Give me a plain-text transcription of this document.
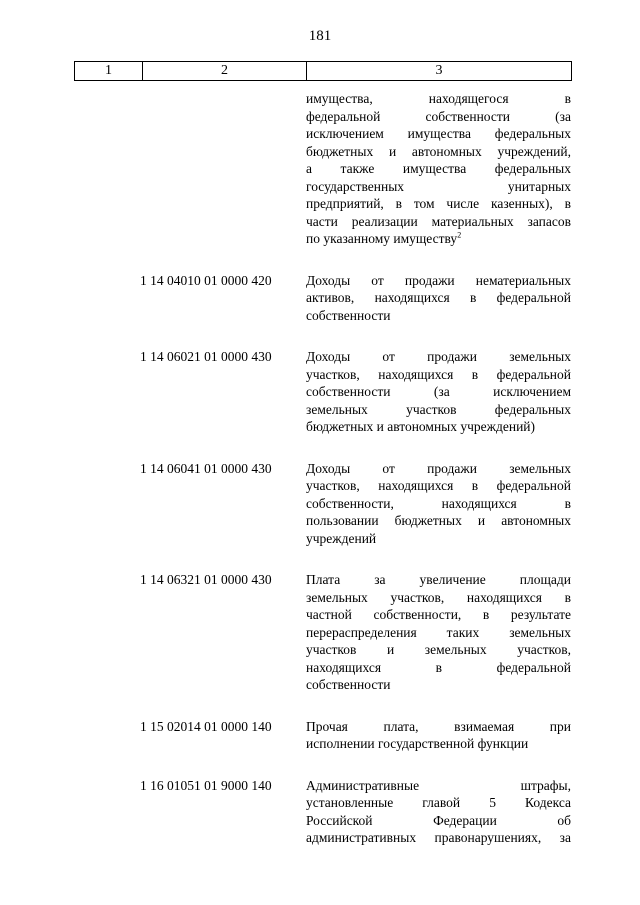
181
1	2	3
имущества, находящегося в
федеральной собственности (за
исключением имущества федеральных
бюджетных и автономных учреждений,
а также имущества федеральных
государственных унитарных
предприятий, в том числе казенных), в
части реализации материальных запасов
по указанному имуществу$^2$
1 14 04010 01 0000 420	Доходы от продажи нематериальных
активов, находящихся в федеральной
собственности
1 14 06021 01 0000 430	Доходы от продажи земельных
участков, находящихся в федеральной
собственности (за исключением
земельных участков федеральных
бюджетных и автономных учреждений)
1 14 06041 01 0000 430	Доходы от продажи земельных
участков, находящихся в федеральной
собственности, находящихся в
пользовании бюджетных и автономных
учреждений
1 14 06321 01 0000 430	Плата за увеличение площади
земельных участков, находящихся в
частной собственности, в результате
перераспределения таких земельных
участков и земельных участков,
находящихся в федеральной
собственности
1 15 02014 01 0000 140	Прочая плата, взимаемая при
исполнении государственной функции
1 16 01051 01 9000 140	Административные штрафы,
установленные главой 5 Кодекса
Российской Федерации об
административных правонарушениях, за
